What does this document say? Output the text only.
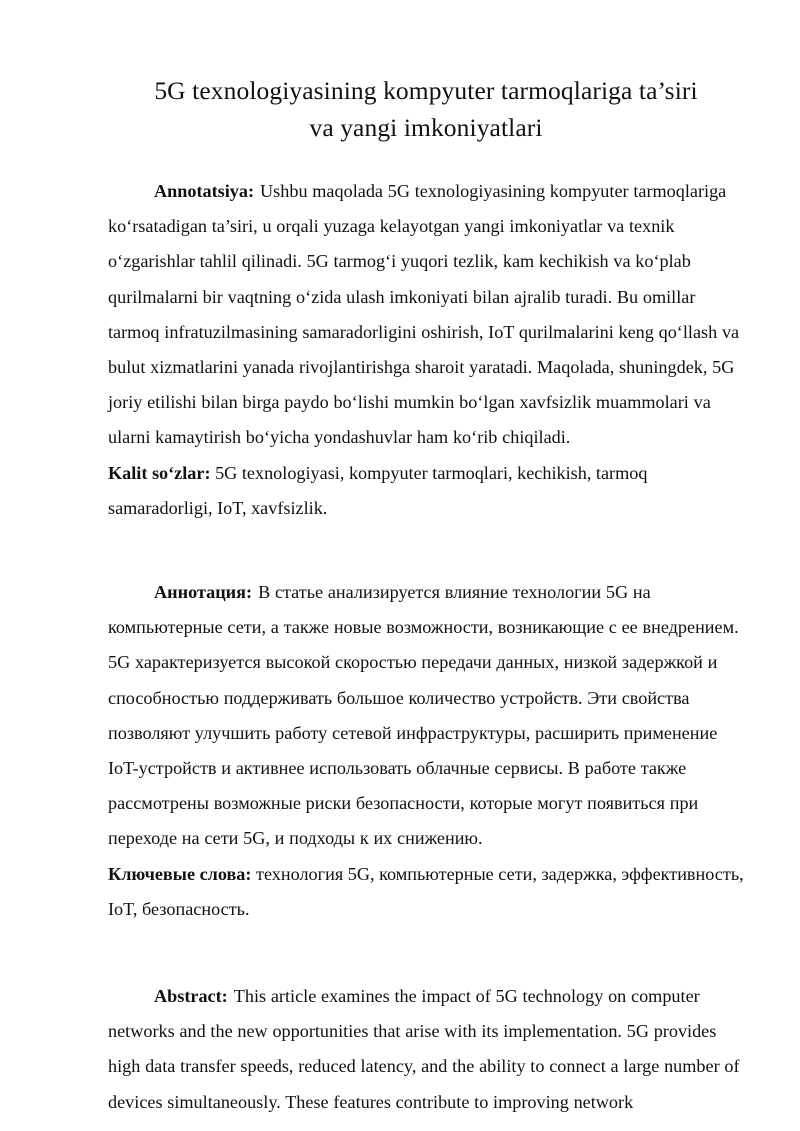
5G texnologiyasining kompyuter tarmoqlariga ta’siri
va yangi imkoniyatlari

Annotatsiya: Ushbu maqolada 5G texnologiyasining kompyuter tarmoqlariga koʻrsatadigan ta’siri, u orqali yuzaga kelayotgan yangi imkoniyatlar va texnik oʻzgarishlar tahlil qilinadi. 5G tarmogʻi yuqori tezlik, kam kechikish va koʻplab qurilmalarni bir vaqtning oʻzida ulash imkoniyati bilan ajralib turadi. Bu omillar tarmoq infratuzilmasining samaradorligini oshirish, IoT qurilmalarini keng qoʻllash va bulut xizmatlarini yanada rivojlantirishga sharoit yaratadi. Maqolada, shuningdek, 5G joriy etilishi bilan birga paydo boʻlishi mumkin boʻlgan xavfsizlik muammolari va ularni kamaytirish boʻyicha yondashuvlar ham koʻrib chiqiladi.

Kalit soʻzlar: 5G texnologiyasi, kompyuter tarmoqlari, kechikish, tarmoq samaradorligi, IoT, xavfsizlik.

Аннотация: В статье анализируется влияние технологии 5G на компьютерные сети, а также новые возможности, возникающие с ее внедрением. 5G характеризуется высокой скоростью передачи данных, низкой задержкой и способностью поддерживать большое количество устройств. Эти свойства позволяют улучшить работу сетевой инфраструктуры, расширить применение IoT-устройств и активнее использовать облачные сервисы. В работе также рассмотрены возможные риски безопасности, которые могут появиться при переходе на сети 5G, и подходы к их снижению.

Ключевые слова: технология 5G, компьютерные сети, задержка, эффективность, IoT, безопасность.

Abstract: This article examines the impact of 5G technology on computer networks and the new opportunities that arise with its implementation. 5G provides high data transfer speeds, reduced latency, and the ability to connect a large number of devices simultaneously. These features contribute to improving network
